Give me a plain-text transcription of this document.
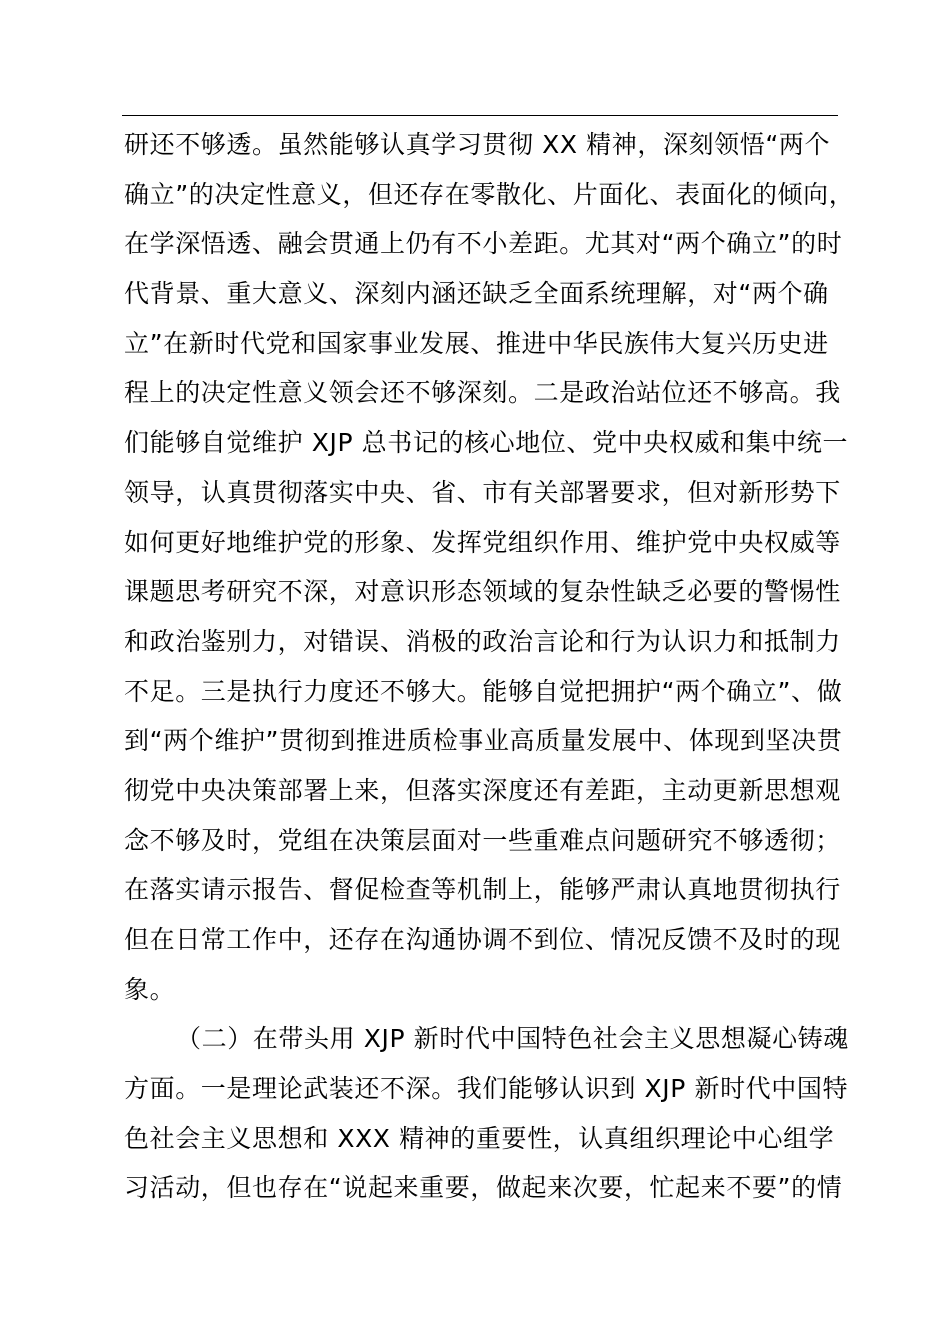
研还不够透。虽然能够认真学习贯彻 XX 精神，深刻领悟“两个
确立”的决定性意义，但还存在零散化、片面化、表面化的倾向，
在学深悟透、融会贯通上仍有不小差距。尤其对“两个确立”的时
代背景、重大意义、深刻内涵还缺乏全面系统理解，对“两个确
立”在新时代党和国家事业发展、推进中华民族伟大复兴历史进
程上的决定性意义领会还不够深刻。二是政治站位还不够高。我
们能够自觉维护 XJP 总书记的核心地位、党中央权威和集中统一
领导，认真贯彻落实中央、省、市有关部署要求，但对新形势下
如何更好地维护党的形象、发挥党组织作用、维护党中央权威等
课题思考研究不深，对意识形态领域的复杂性缺乏必要的警惕性
和政治鉴别力，对错误、消极的政治言论和行为认识力和抵制力
不足。三是执行力度还不够大。能够自觉把拥护“两个确立”、做
到“两个维护”贯彻到推进质检事业高质量发展中、体现到坚决贯
彻党中央决策部署上来，但落实深度还有差距，主动更新思想观
念不够及时，党组在决策层面对一些重难点问题研究不够透彻；
在落实请示报告、督促检查等机制上，能够严肃认真地贯彻执行
但在日常工作中，还存在沟通协调不到位、情况反馈不及时的现
象。
（二）在带头用 XJP 新时代中国特色社会主义思想凝心铸魂
方面。一是理论武装还不深。我们能够认识到 XJP 新时代中国特
色社会主义思想和 XXX 精神的重要性，认真组织理论中心组学
习活动，但也存在“说起来重要，做起来次要，忙起来不要”的情
